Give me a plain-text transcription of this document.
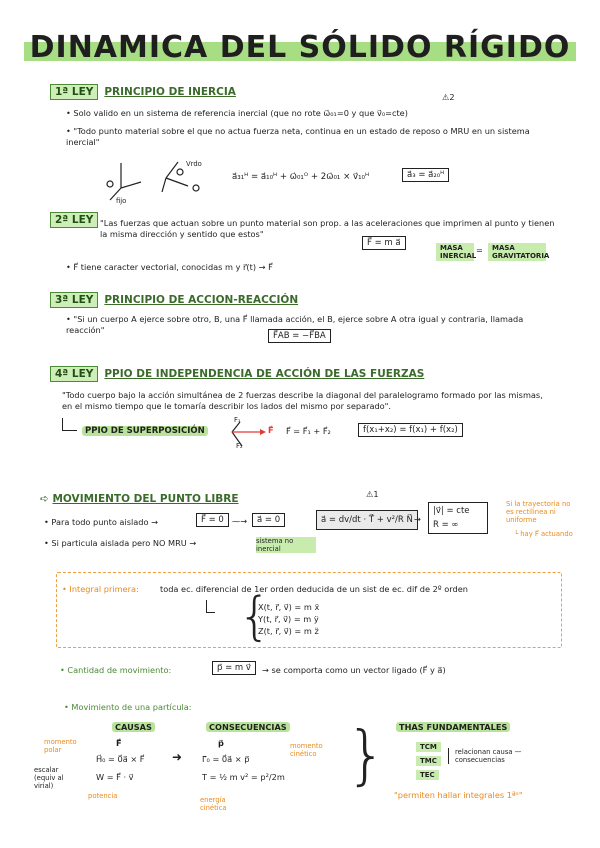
DINAMICA DEL SÓLIDO RÍGIDO
1ª LEY PRINCIPIO DE INERCIA	⚠2
• Solo valido en un sistema de referencia inercial (que no rote ω⃗₀₁=0 y que v⃗₀=cte)
• "Todo punto material sobre el que no actua fuerza neta, continua en un estado de reposo o MRU en un sistema inercial"
fijo
Vrdo
a⃗₃₁ᴴ = a⃗₁₀ᴴ + ω⃗₀₁ᴼ + 2ω⃗₀₁ × v⃗₁₀ᴴ	a⃗₃ = a⃗₂₀ᴴ
2ª LEY "Las fuerzas que actuan sobre un punto material son prop. a las aceleraciones que imprimen al punto y tienen la misma dirección y sentido que estos"
F⃗ = m a⃗	MASA INERCIAL
=	MASA GRAVITATORIA
• F⃗ tiene caracter vectorial, conocidas m y r⃗(t) → F⃗
3ª LEY PRINCIPIO DE ACCION-REACCIÓN
• "Si un cuerpo A ejerce sobre otro, B, una F⃗ llamada acción, el B, ejerce sobre A otra igual y contraria, llamada reacción"
F⃗AB = −F⃗BA
4ª LEY PPIO DE INDEPENDENCIA DE ACCIÓN DE LAS FUERZAS
"Todo cuerpo bajo la acción simultánea de 2 fuerzas describe la diagonal del paralelogramo formado por las mismas, en el mismo tiempo que le tomaría describir los lados del mismo por separado".
PPIO DE SUPERPOSICIÓN
F₁
F₂
F⃗ F⃗ = F⃗₁ + F⃗₂	f(x₁+x₂) = f(x₁) + f(x₂)
➪ MOVIMIENTO DEL PUNTO LIBRE	⚠1
• Para todo punto aislado →	F⃗ = 0 ⁓→	a⃗ = 0
• Si particula aislada pero NO MRU →	sistema no inercial
a⃗ = dv/dt · T⃗ + v²/R N⃗ →
|v⃗| = cte
R = ∞
Si la trayectoria no es rectilinea ni uniforme
└ hay F⃗ actuando
• Integral primera:	toda ec. diferencial de 1er orden deducida de un sist de ec. dif de 2º orden
{
X(t, r⃗, v⃗) = m ẍ
Y(t, r⃗, v⃗) = m ÿ
Z(t, r⃗, v⃗) = m z̈
• Cantidad de movimiento:	p⃗ = m v⃗	→ se comporta como un vector ligado (F⃗ y a⃗)
• Movimiento de una partícula:
CAUSAS	CONSECUENCIAS	THAS FUNDAMENTALES
momento polar
escalar (equiv al virial)
potencia
F⃗
H⃗₀ = 0⃗a⃗ × F⃗
W = F⃗ · v⃗
➜
p⃗
Γ⃗₀ = 0⃗a⃗ × p⃗
T = ½ m v² = p²/2m
momento cinético
energía cinética
}	TCM
TMC
TEC
relacionan causa — consecuencias
"permiten hallar integrales 1ªˢ"
